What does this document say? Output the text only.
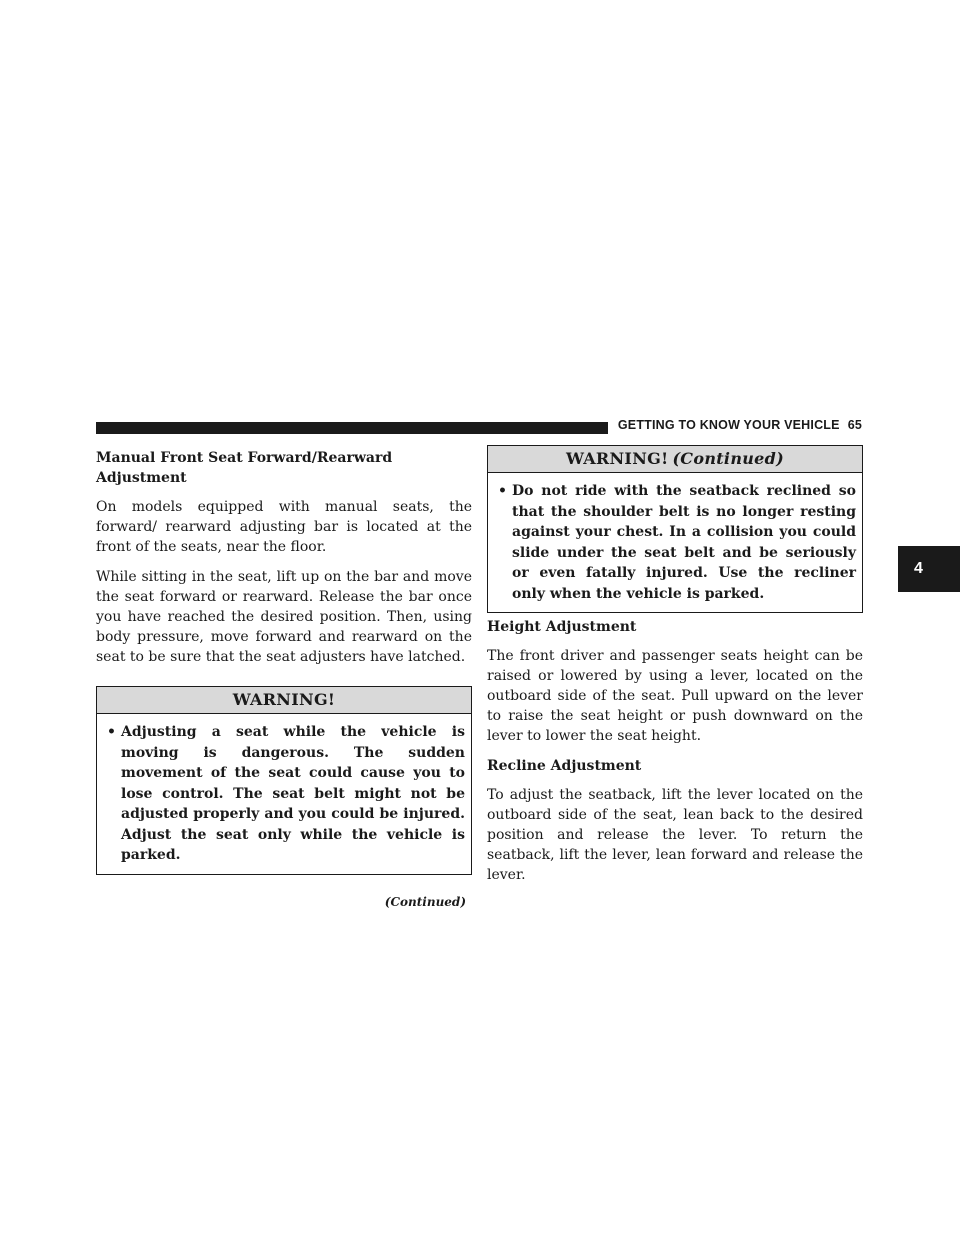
GETTING TO KNOW YOUR VEHICLE 65
4
Manual Front Seat Forward/Rearward Adjustment

On models equipped with manual seats, the forward/ rearward adjusting bar is located at the front of the seats, near the floor.

While sitting in the seat, lift up on the bar and move the seat forward or rearward. Release the bar once you have reached the desired position. Then, using body pressure, move forward and rearward on the seat to be sure that the seat adjusters have latched.

WARNING!
• Adjusting a seat while the vehicle is moving is dangerous. The sudden movement of the seat could cause you to lose control. The seat belt might not be adjusted properly and you could be injured. Adjust the seat only while the vehicle is parked.
(Continued)
WARNING! (Continued)
• Do not ride with the seatback reclined so that the shoulder belt is no longer resting against your chest. In a collision you could slide under the seat belt and be seriously or even fatally injured. Use the recliner only when the vehicle is parked.
Height Adjustment

The front driver and passenger seats height can be raised or lowered by using a lever, located on the outboard side of the seat. Pull upward on the lever to raise the seat height or push downward on the lever to lower the seat height.

Recline Adjustment

To adjust the seatback, lift the lever located on the outboard side of the seat, lean back to the desired position and release the lever. To return the seatback, lift the lever, lean forward and release the lever.
